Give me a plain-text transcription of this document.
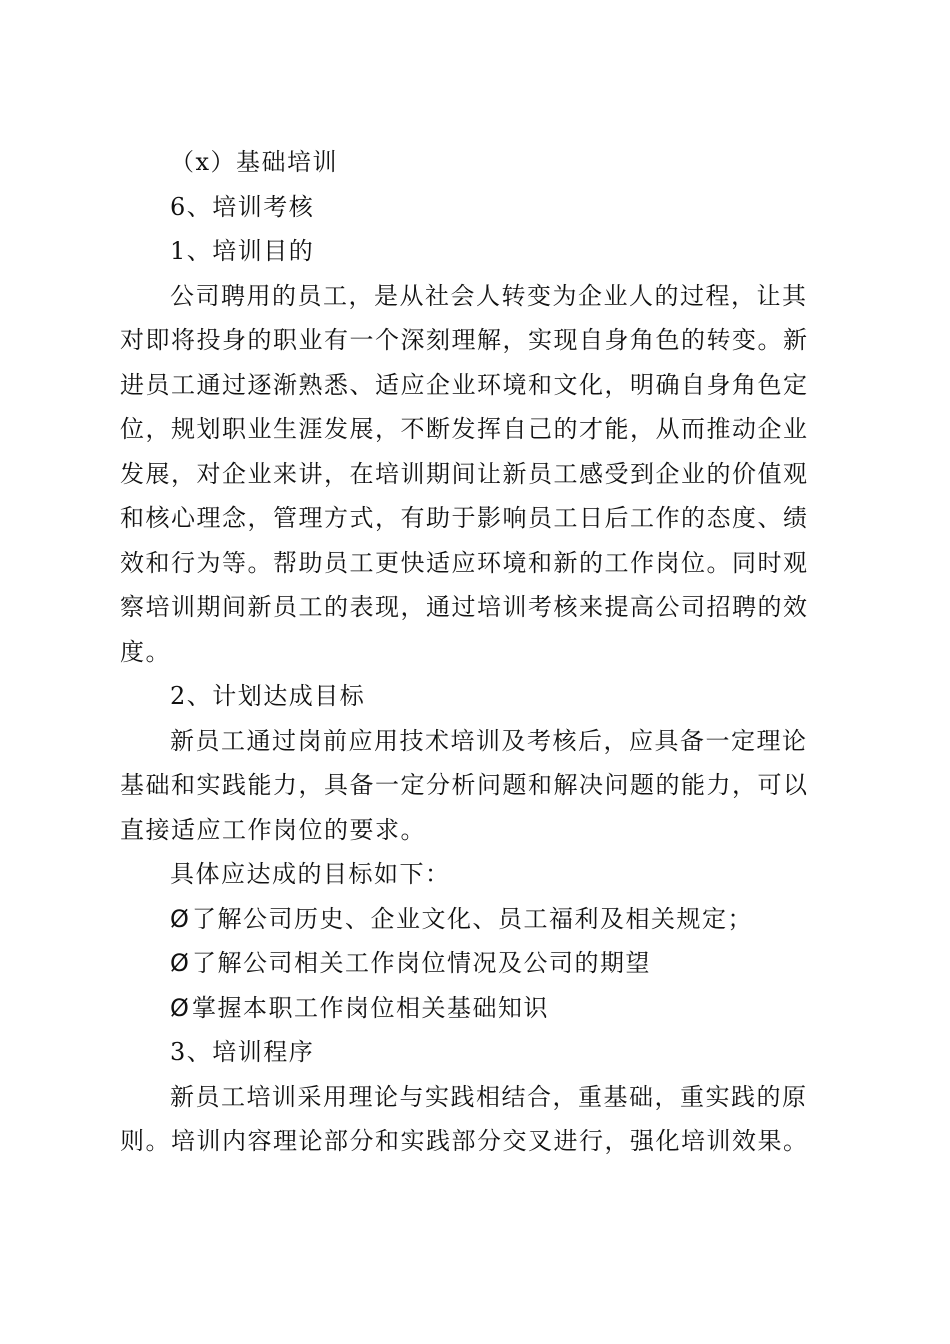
（x）基础培训
6、培训考核
1、培训目的
公司聘用的员工，是从社会人转变为企业人的过程，让其
对即将投身的职业有一个深刻理解，实现自身角色的转变。新
进员工通过逐渐熟悉、适应企业环境和文化，明确自身角色定
位，规划职业生涯发展，不断发挥自己的才能，从而推动企业
发展，对企业来讲，在培训期间让新员工感受到企业的价值观
和核心理念，管理方式，有助于影响员工日后工作的态度、绩
效和行为等。帮助员工更快适应环境和新的工作岗位。同时观
察培训期间新员工的表现，通过培训考核来提高公司招聘的效
度。
2、计划达成目标
新员工通过岗前应用技术培训及考核后，应具备一定理论
基础和实践能力，具备一定分析问题和解决问题的能力，可以
直接适应工作岗位的要求。
具体应达成的目标如下：
Ø了解公司历史、企业文化、员工福利及相关规定；
Ø了解公司相关工作岗位情况及公司的期望
Ø掌握本职工作岗位相关基础知识
3、培训程序
新员工培训采用理论与实践相结合，重基础，重实践的原
则。培训内容理论部分和实践部分交叉进行，强化培训效果。
